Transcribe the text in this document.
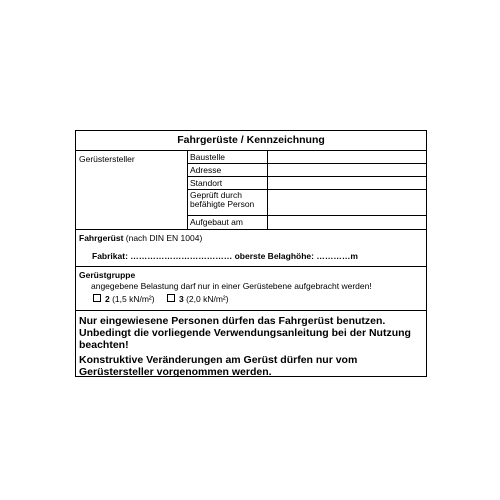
Fahrgerüste / Kennzeichnung
Gerüstersteller	Baustelle
Adresse
Standort
Geprüft durch befähigte Person
Aufgebaut am
Fahrgerüst (nach DIN EN 1004)
Fabrikat: ……………………………… oberste Belaghöhe: …………m
Gerüstgruppe
angegebene Belastung darf nur in einer Gerüstebene aufgebracht werden!
2 (1,5 kN/m²)	3 (2,0 kN/m²)
Nur eingewiesene Personen dürfen das Fahrgerüst benutzen. Unbedingt die vorliegende Verwendungsanleitung bei der Nutzung beachten!
Konstruktive Veränderungen am Gerüst dürfen nur vom Gerüstersteller vorgenommen werden.
